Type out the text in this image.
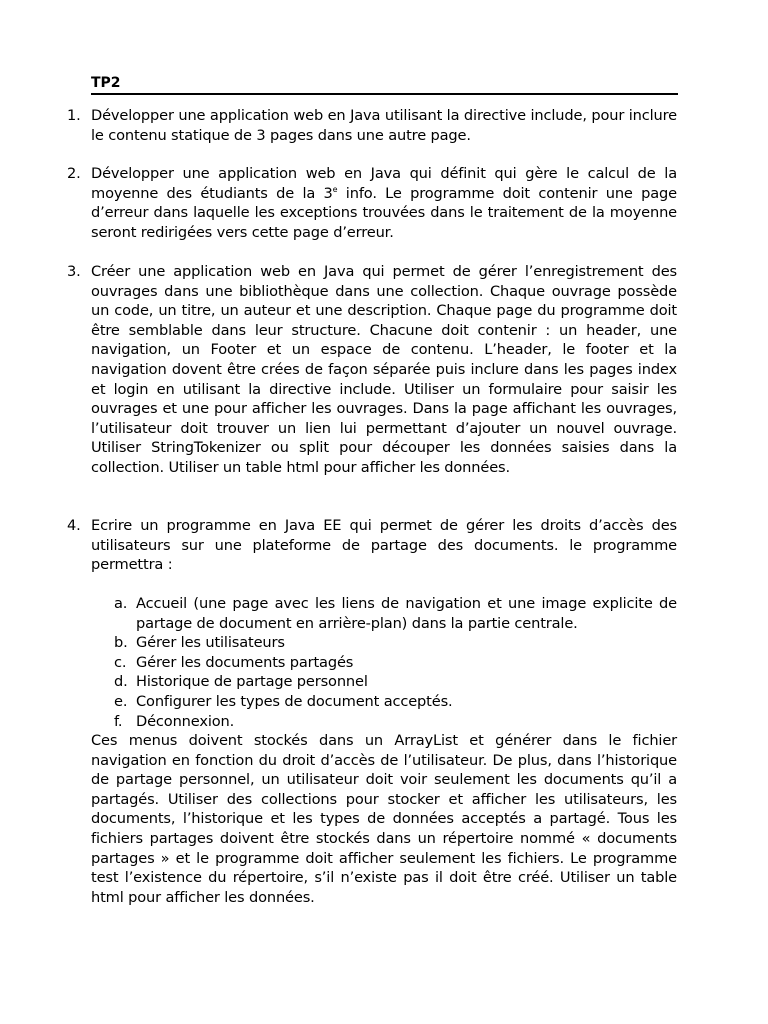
TP2
1. Développer une application web en Java utilisant la directive include, pour inclure le contenu statique de 3 pages dans une autre page.
2. Développer une application web en Java qui définit qui gère le calcul de la moyenne des étudiants de la 3e info. Le programme doit contenir une page d’erreur dans laquelle les exceptions trouvées dans le traitement de la moyenne seront redirigées vers cette page d’erreur.
3. Créer une application web en Java qui permet de gérer l’enregistrement des ouvrages dans une bibliothèque dans une collection. Chaque ouvrage possède un code, un titre, un auteur et une description. Chaque page du programme doit être semblable dans leur structure. Chacune doit contenir : un header, une navigation, un Footer et un espace de contenu. L’header, le footer et la navigation dovent être crées de façon séparée puis inclure dans les pages index et login en utilisant la directive include. Utiliser un formulaire pour saisir les ouvrages et une pour afficher les ouvrages. Dans la page affichant les ouvrages, l’utilisateur doit trouver un lien lui permettant d’ajouter un nouvel ouvrage. Utiliser StringTokenizer ou split pour découper les données saisies dans la collection. Utiliser un table html pour afficher les données.
4. Ecrire un programme en Java EE qui permet de gérer les droits d’accès des utilisateurs sur une plateforme de partage des documents. le programme permettra :
a. Accueil (une page avec les liens de navigation et une image explicite de partage de document en arrière-plan) dans la partie centrale.
b. Gérer les utilisateurs
c. Gérer les documents partagés
d. Historique de partage personnel
e. Configurer les types de document acceptés.
f. Déconnexion.
Ces menus doivent stockés dans un ArrayList et générer dans le fichier navigation en fonction du droit d’accès de l’utilisateur. De plus, dans l’historique de partage personnel, un utilisateur doit voir seulement les documents qu’il a partagés. Utiliser des collections pour stocker et afficher les utilisateurs, les documents, l’historique et les types de données acceptés a partagé. Tous les fichiers partages doivent être stockés dans un répertoire nommé « documents partages » et le programme doit afficher seulement les fichiers. Le programme test l’existence du répertoire, s’il n’existe pas il doit être créé. Utiliser un table html pour afficher les données.
